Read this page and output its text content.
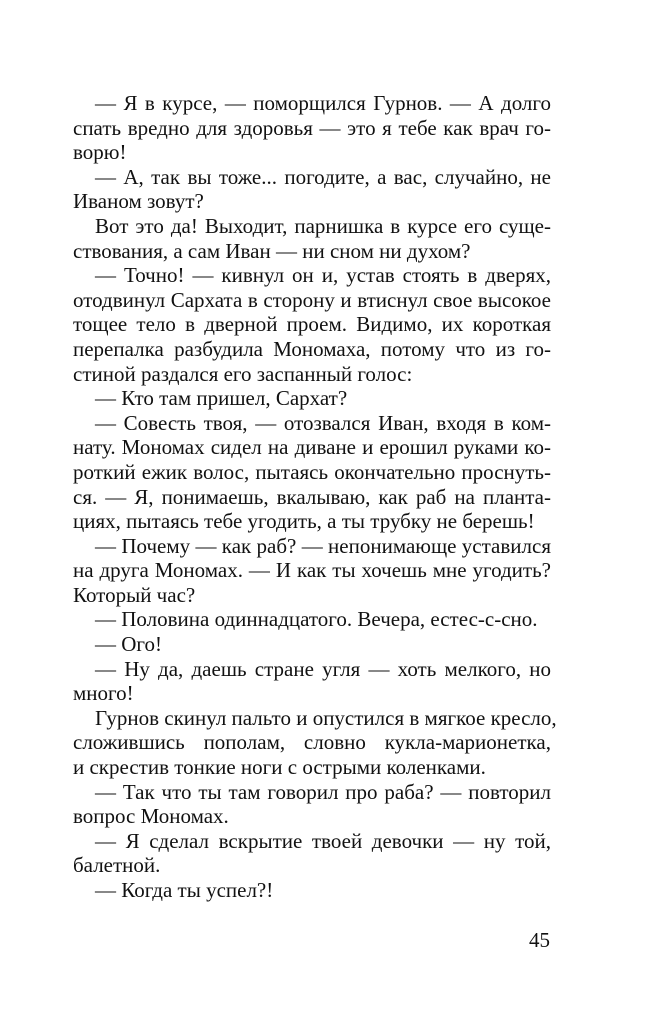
— Я в курсе, — поморщился Гурнов. — А долго
спать вредно для здоровья — это я тебе как врач го-
ворю!
— А, так вы тоже... погодите, а вас, случайно, не
Иваном зовут?
Вот это да! Выходит, парнишка в курсе его суще-
ствования, а сам Иван — ни сном ни духом?
— Точно! — кивнул он и, устав стоять в дверях,
отодвинул Сархата в сторону и втиснул свое высокое
тощее тело в дверной проем. Видимо, их короткая
перепалка разбудила Мономаха, потому что из го-
стиной раздался его заспанный голос:
— Кто там пришел, Сархат?
— Совесть твоя, — отозвался Иван, входя в ком-
нату. Мономах сидел на диване и ерошил руками ко-
роткий ежик волос, пытаясь окончательно проснуть-
ся. — Я, понимаешь, вкалываю, как раб на планта-
циях, пытаясь тебе угодить, а ты трубку не берешь!
— Почему — как раб? — непонимающе уставился
на друга Мономах. — И как ты хочешь мне угодить?
Который час?
— Половина одиннадцатого. Вечера, естес-с-сно.
— Ого!
— Ну да, даешь стране угля — хоть мелкого, но
много!
Гурнов скинул пальто и опустился в мягкое кресло,
сложившись пополам, словно кукла-марионетка,
и скрестив тонкие ноги с острыми коленками.
— Так что ты там говорил про раба? — повторил
вопрос Мономах.
— Я сделал вскрытие твоей девочки — ну той,
балетной.
— Когда ты успел?!
45
